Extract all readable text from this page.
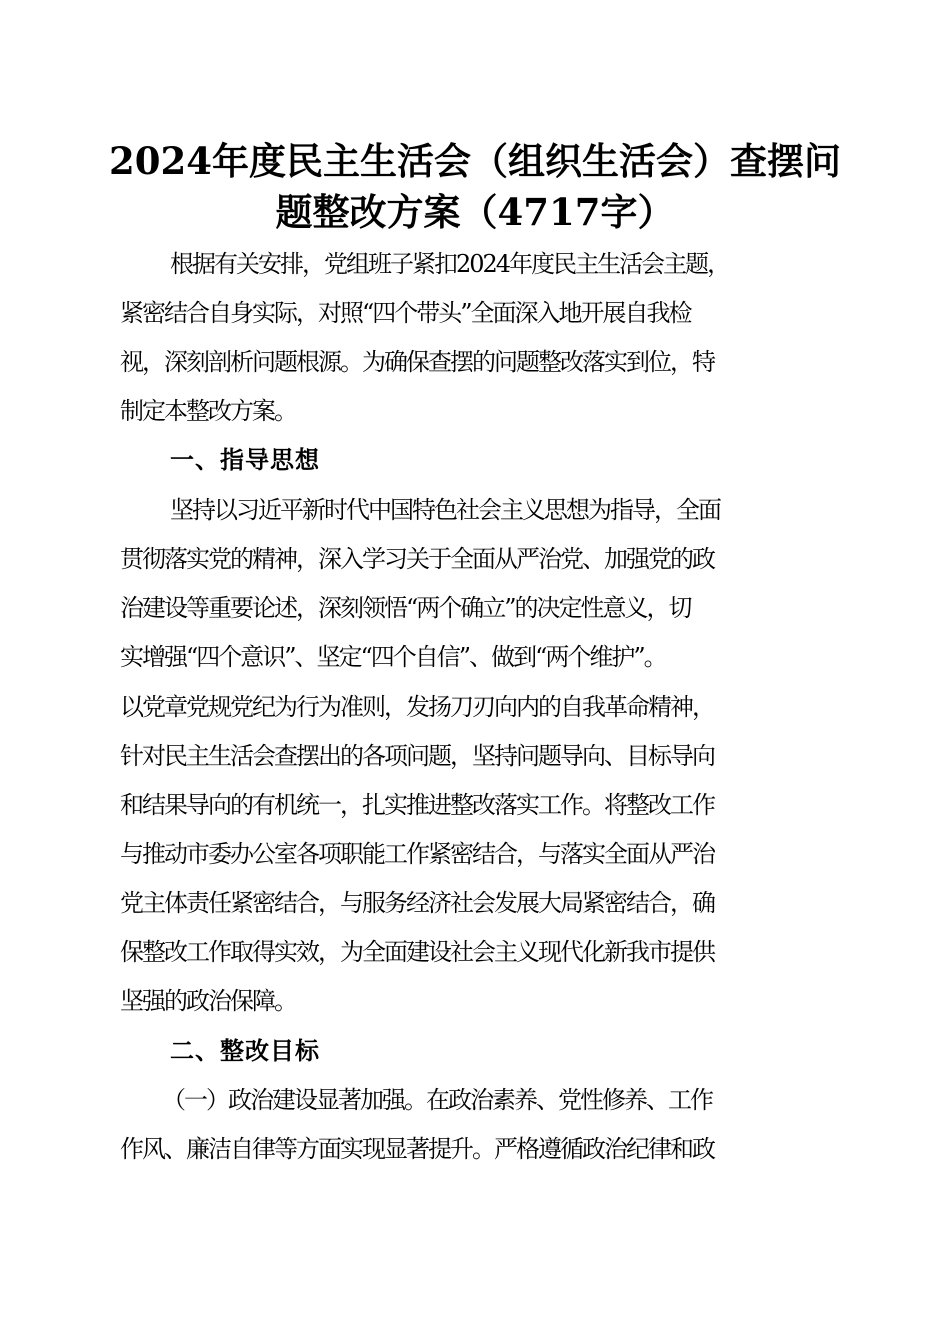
2024年度民主生活会（组织生活会）查摆问
题整改方案（4717字）
根据有关安排，党组班子紧扣2024年度民主生活会主题，
紧密结合自身实际，对照“四个带头”全面深入地开展自我检
视，深刻剖析问题根源。为确保查摆的问题整改落实到位，特
制定本整改方案。
一、指导思想
坚持以习近平新时代中国特色社会主义思想为指导，全面
贯彻落实党的精神，深入学习关于全面从严治党、加强党的政
治建设等重要论述，深刻领悟“两个确立”的决定性意义，切
实增强“四个意识”、坚定“四个自信”、做到“两个维护”。
以党章党规党纪为行为准则，发扬刀刃向内的自我革命精神，
针对民主生活会查摆出的各项问题，坚持问题导向、目标导向
和结果导向的有机统一，扎实推进整改落实工作。将整改工作
与推动市委办公室各项职能工作紧密结合，与落实全面从严治
党主体责任紧密结合，与服务经济社会发展大局紧密结合，确
保整改工作取得实效，为全面建设社会主义现代化新我市提供
坚强的政治保障。
二、整改目标
（一）政治建设显著加强。在政治素养、党性修养、工作
作风、廉洁自律等方面实现显著提升。严格遵循政治纪律和政
